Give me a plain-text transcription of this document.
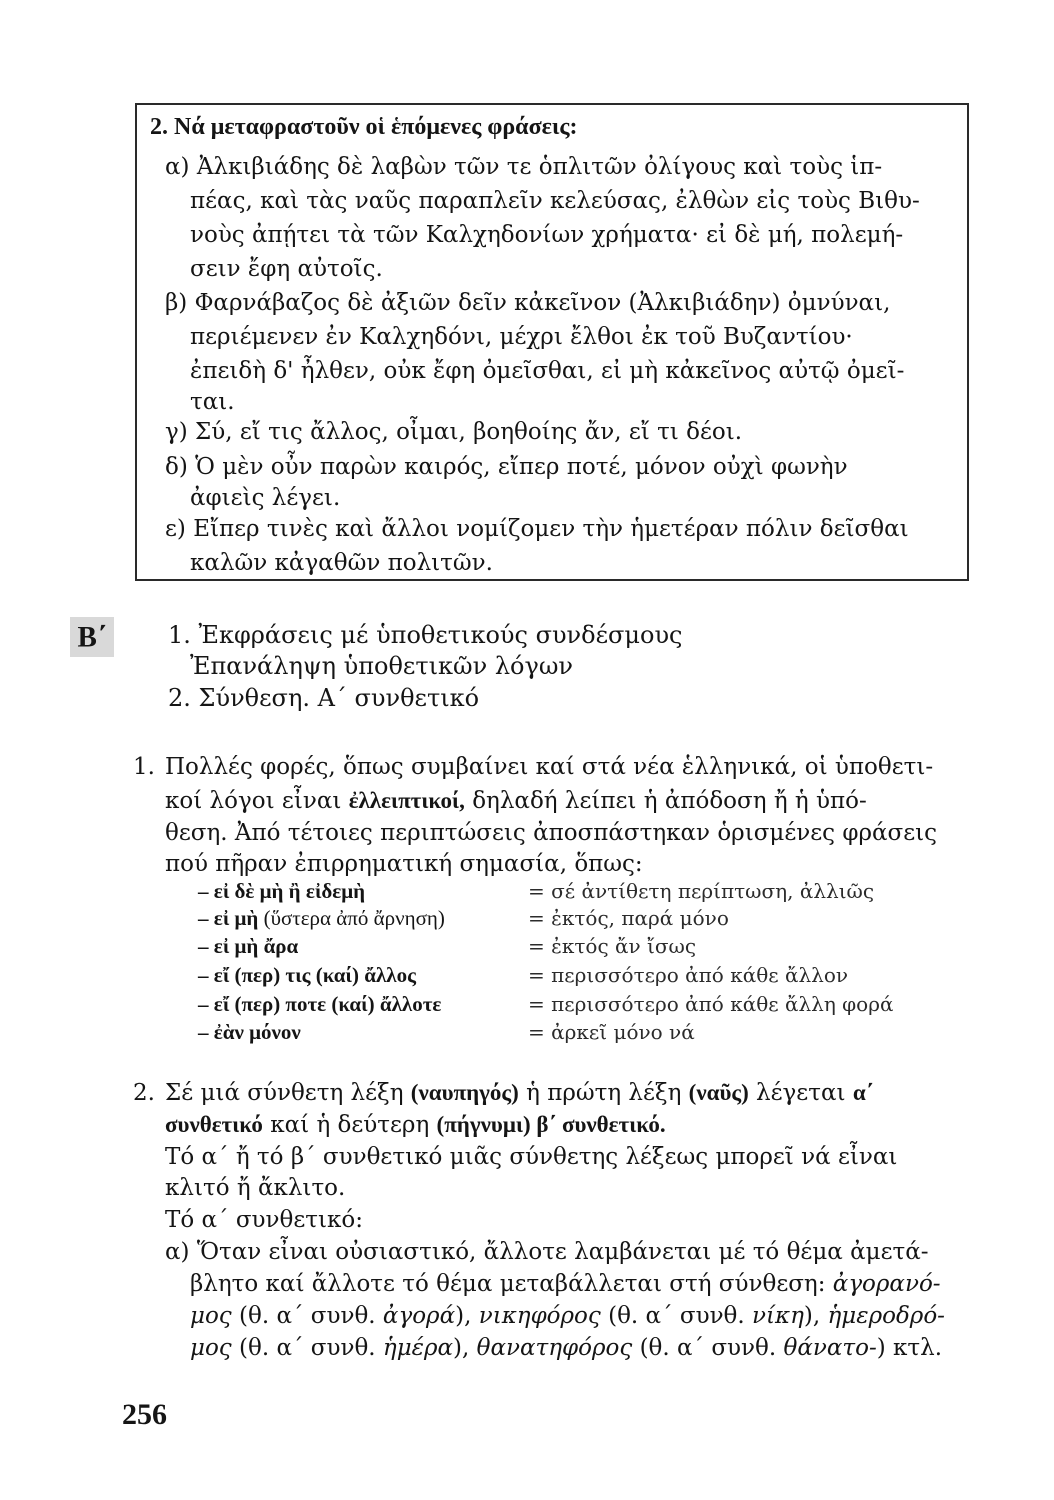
2. Νά μεταφραστοῦν οἱ ἑπόμενες φράσεις:
α) Ἀλκιβιάδης δὲ λαβὼν τῶν τε ὁπλιτῶν ὀλίγους καὶ τοὺς ἱπ-
πέας, καὶ τὰς ναῦς παραπλεῖν κελεύσας, ἐλθὼν εἰς τοὺς Βιθυ-
νοὺς ἀπῄτει τὰ τῶν Καλχηδονίων χρήματα· εἰ δὲ μή, πολεμή-
σειν ἔφη αὐτοῖς.
β) Φαρνάβαζος δὲ ἀξιῶν δεῖν κἀκεῖνον (Ἀλκιβιάδην) ὀμνύναι,
περιέμενεν ἐν Καλχηδόνι, μέχρι ἔλθοι ἐκ τοῦ Βυζαντίου·
ἐπειδὴ δ' ἦλθεν, οὐκ ἔφη ὀμεῖσθαι, εἰ μὴ κἀκεῖνος αὐτῷ ὀμεῖ-
ται.
γ) Σύ, εἴ τις ἄλλος, οἶμαι, βοηθοίης ἄν, εἴ τι δέοι.
δ) Ὁ μὲν οὖν παρὼν καιρός, εἴπερ ποτέ, μόνον οὐχὶ φωνὴν
ἀφιεὶς λέγει.
ε) Εἴπερ τινὲς καὶ ἄλλοι νομίζομεν τὴν ἡμετέραν πόλιν δεῖσθαι
καλῶν κἀγαθῶν πολιτῶν.
Β΄	1. Ἐκφράσεις μέ ὑποθετικούς συνδέσμους
Ἐπανάληψη ὑποθετικῶν λόγων
2. Σύνθεση. Α΄ συνθετικό
1. Πολλές φορές, ὅπως συμβαίνει καί στά νέα ἑλληνικά, οἱ ὑποθετι-
κοί λόγοι εἶναι ἐλλειπτικοί, δηλαδή λείπει ἡ ἀπόδοση ἤ ἡ ὑπό-
θεση. Ἀπό τέτοιες περιπτώσεις ἀποσπάστηκαν ὁρισμένες φράσεις
πού πῆραν ἐπιρρηματική σημασία, ὅπως:
– εἰ δὲ μὴ ἢ εἰδεμὴ	= σέ ἀντίθετη περίπτωση, ἀλλιῶς
– εἰ μὴ (ὕστερα ἀπό ἄρνηση)	= ἐκτός, παρά μόνο
– εἰ μὴ ἄρα	= ἐκτός ἄν ἴσως
– εἴ (περ) τις (καί) ἄλλος	= περισσότερο ἀπό κάθε ἄλλον
– εἴ (περ) ποτε (καί) ἄλλοτε	= περισσότερο ἀπό κάθε ἄλλη φορά
– ἐὰν μόνον	= ἀρκεῖ μόνο νά
2. Σέ μιά σύνθετη λέξη (ναυπηγός) ἡ πρώτη λέξη (ναῦς) λέγεται α΄
συνθετικό καί ἡ δεύτερη (πήγνυμι) β΄ συνθετικό.
Τό α΄ ἤ τό β΄ συνθετικό μιᾶς σύνθετης λέξεως μπορεῖ νά εἶναι
κλιτό ἤ ἄκλιτο.
Τό α΄ συνθετικό:
α) Ὅταν εἶναι οὐσιαστικό, ἄλλοτε λαμβάνεται μέ τό θέμα ἀμετά-
βλητο καί ἄλλοτε τό θέμα μεταβάλλεται στή σύνθεση: ἀγορανό-
μος (θ. α΄ συνθ. ἀγορά), νικηφόρος (θ. α΄ συνθ. νίκη), ἡμεροδρό-
μος (θ. α΄ συνθ. ἡμέρα), θανατηφόρος (θ. α΄ συνθ. θάνατο-) κτλ.
256
